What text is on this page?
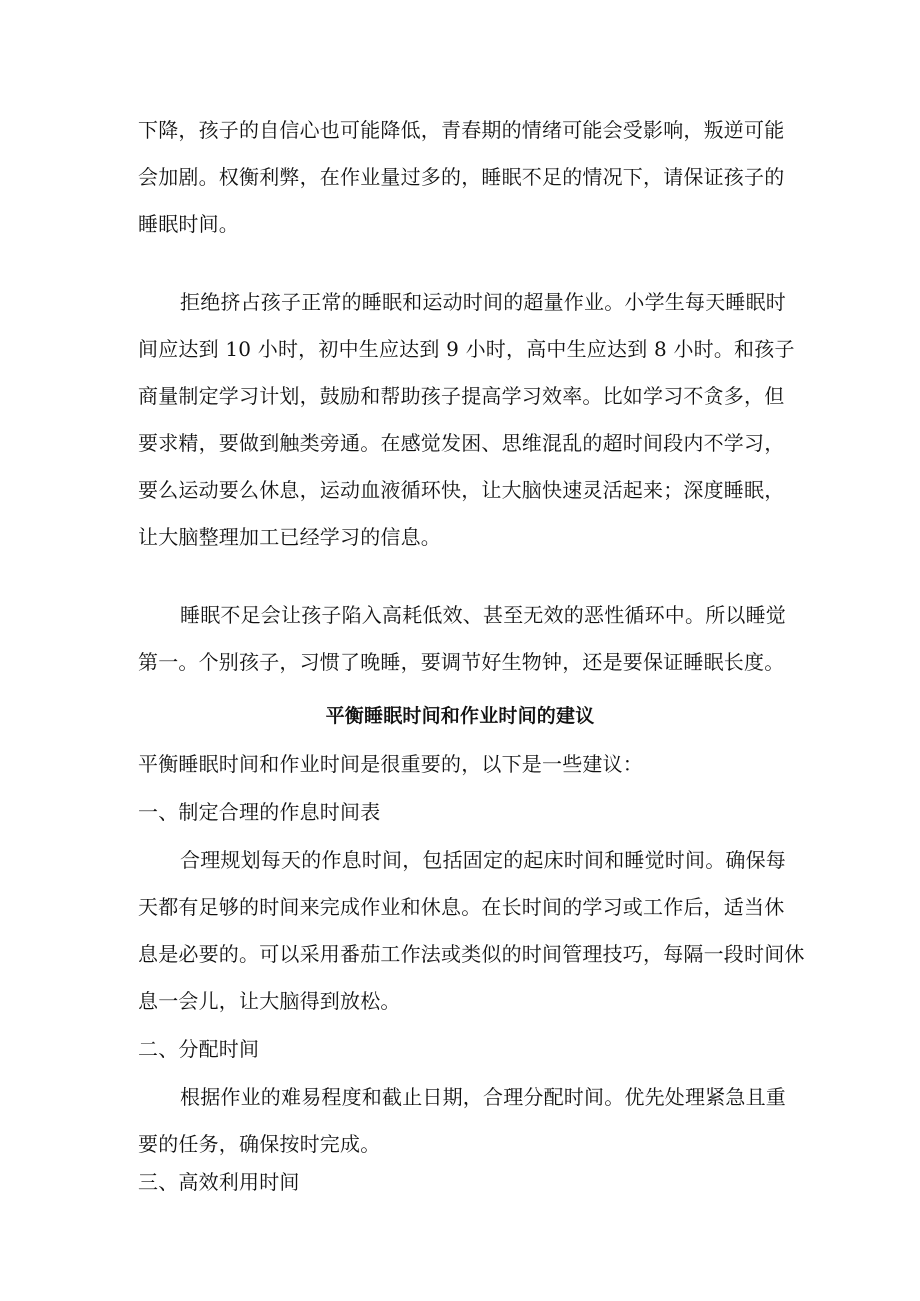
下降，孩子的自信心也可能降低，青春期的情绪可能会受影响，叛逆可能
会加剧。权衡利弊，在作业量过多的，睡眠不足的情况下，请保证孩子的
睡眠时间。
拒绝挤占孩子正常的睡眠和运动时间的超量作业。小学生每天睡眠时
间应达到 10 小时，初中生应达到 9 小时，高中生应达到 8 小时。和孩子
商量制定学习计划，鼓励和帮助孩子提高学习效率。比如学习不贪多，但
要求精，要做到触类旁通。在感觉发困、思维混乱的超时间段内不学习，
要么运动要么休息，运动血液循环快，让大脑快速灵活起来；深度睡眠，
让大脑整理加工已经学习的信息。
睡眠不足会让孩子陷入高耗低效、甚至无效的恶性循环中。所以睡觉
第一。个别孩子，习惯了晚睡，要调节好生物钟，还是要保证睡眠长度。
平衡睡眠时间和作业时间的建议
平衡睡眠时间和作业时间是很重要的，以下是一些建议：
一、制定合理的作息时间表
合理规划每天的作息时间，包括固定的起床时间和睡觉时间。确保每
天都有足够的时间来完成作业和休息。在长时间的学习或工作后，适当休
息是必要的。可以采用番茄工作法或类似的时间管理技巧，每隔一段时间休
息一会儿，让大脑得到放松。
二、分配时间
根据作业的难易程度和截止日期，合理分配时间。优先处理紧急且重
要的任务，确保按时完成。
三、高效利用时间
